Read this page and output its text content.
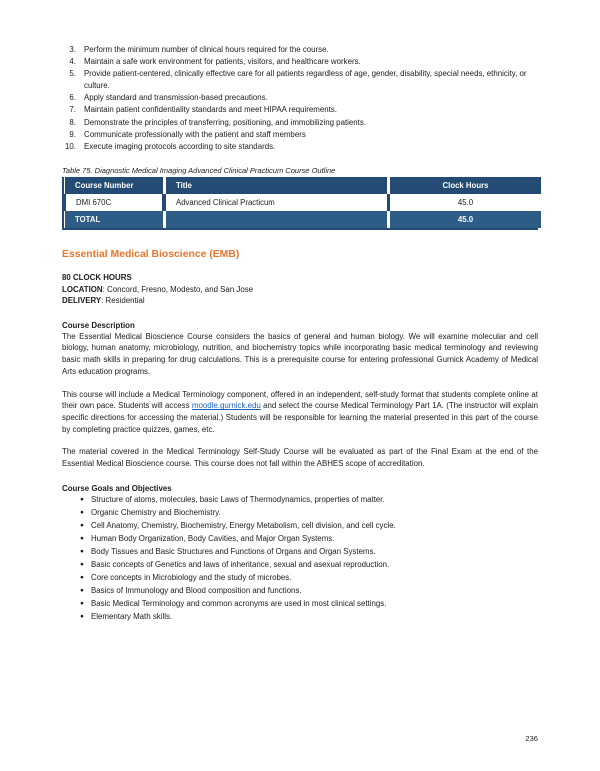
3.	Perform the minimum number of clinical hours required for the course.
4.	Maintain a safe work environment for patients, visitors, and healthcare workers.
5.	Provide patient-centered, clinically effective care for all patients regardless of age, gender, disability, special needs, ethnicity, or culture.
6.	Apply standard and transmission-based precautions.
7.	Maintain patient confidentiality standards and meet HIPAA requirements.
8.	Demonstrate the principles of transferring, positioning, and immobilizing patients.
9.	Communicate professionally with the patient and staff members
10.	Execute imaging protocols according to site standards.
Table 75. Diagnostic Medical Imaging Advanced Clinical Practicum Course Outline
Course Number		Title		Clock Hours

DMI 670C		Advanced Clinical Practicum		45.0

TOTAL				45.0
Essential Medical Bioscience (EMB)
80 CLOCK HOURS
LOCATION: Concord, Fresno, Modesto, and San Jose
DELIVERY: Residential
Course Description

The Essential Medical Bioscience Course considers the basics of general and human biology. We will examine molecular and cell biology, human anatomy, microbiology, nutrition, and biochemistry topics while incorporating basic medical terminology and reviewing basic math skills in preparing for drug calculations. This is a prerequisite course for entering professional Gurnick Academy of Medical Arts education programs.

This course will include a Medical Terminology component, offered in an independent, self-study format that students complete online at their own pace. Students will access moodle.gurnick.edu and select the course Medical Terminology Part 1A. (The instructor will explain specific directions for accessing the material.) Students will be responsible for learning the material presented in this part of the course by completing practice quizzes, games, etc.

The material covered in the Medical Terminology Self-Study Course will be evaluated as part of the Final Exam at the end of the Essential Medical Bioscience course. This course does not fall within the ABHES scope of accreditation.

Course Goals and Objectives
● Structure of atoms, molecules, basic Laws of Thermodynamics, properties of matter.
● Organic Chemistry and Biochemistry.
● Cell Anatomy, Chemistry, Biochemistry, Energy Metabolism, cell division, and cell cycle.
● Human Body Organization, Body Cavities, and Major Organ Systems.
● Body Tissues and Basic Structures and Functions of Organs and Organ Systems.
● Basic concepts of Genetics and laws of inheritance, sexual and asexual reproduction.
● Core concepts in Microbiology and the study of microbes.
● Basics of Immunology and Blood composition and functions.
● Basic Medical Terminology and common acronyms are used in most clinical settings.
● Elementary Math skills.
236
